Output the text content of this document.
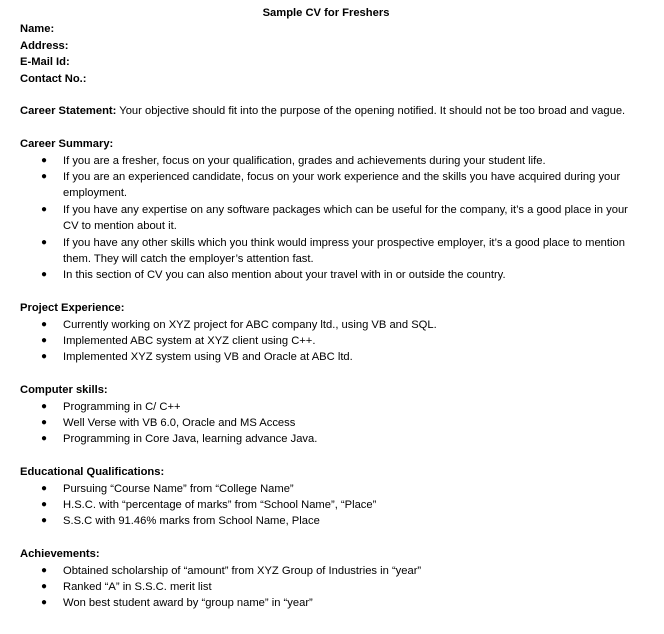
Sample CV for Freshers
Name:
Address:
E-Mail Id:
Contact No.:

Career Statement: Your objective should fit into the purpose of the opening notified. It should not be too broad and vague.

Career Summary:
● If you are a fresher, focus on your qualification, grades and achievements during your student life.
● If you are an experienced candidate, focus on your work experience and the skills you have acquired during your employment.
● If you have any expertise on any software packages which can be useful for the company, it’s a good place in your CV to mention about it.
● If you have any other skills which you think would impress your prospective employer, it’s a good place to mention them. They will catch the employer’s attention fast.
● In this section of CV you can also mention about your travel with in or outside the country.
Project Experience:
● Currently working on XYZ project for ABC company ltd., using VB and SQL.
● Implemented ABC system at XYZ client using C++.
● Implemented XYZ system using VB and Oracle at ABC ltd.
Computer skills:
● Programming in C/ C++
● Well Verse with VB 6.0, Oracle and MS Access
● Programming in Core Java, learning advance Java.
Educational Qualifications:
● Pursuing “Course Name” from “College Name”
● H.S.C. with “percentage of marks” from “School Name”, “Place”
● S.S.C with 91.46% marks from School Name, Place
Achievements:
● Obtained scholarship of “amount” from XYZ Group of Industries in “year”
● Ranked “A” in S.S.C. merit list
● Won best student award by “group name” in “year”
